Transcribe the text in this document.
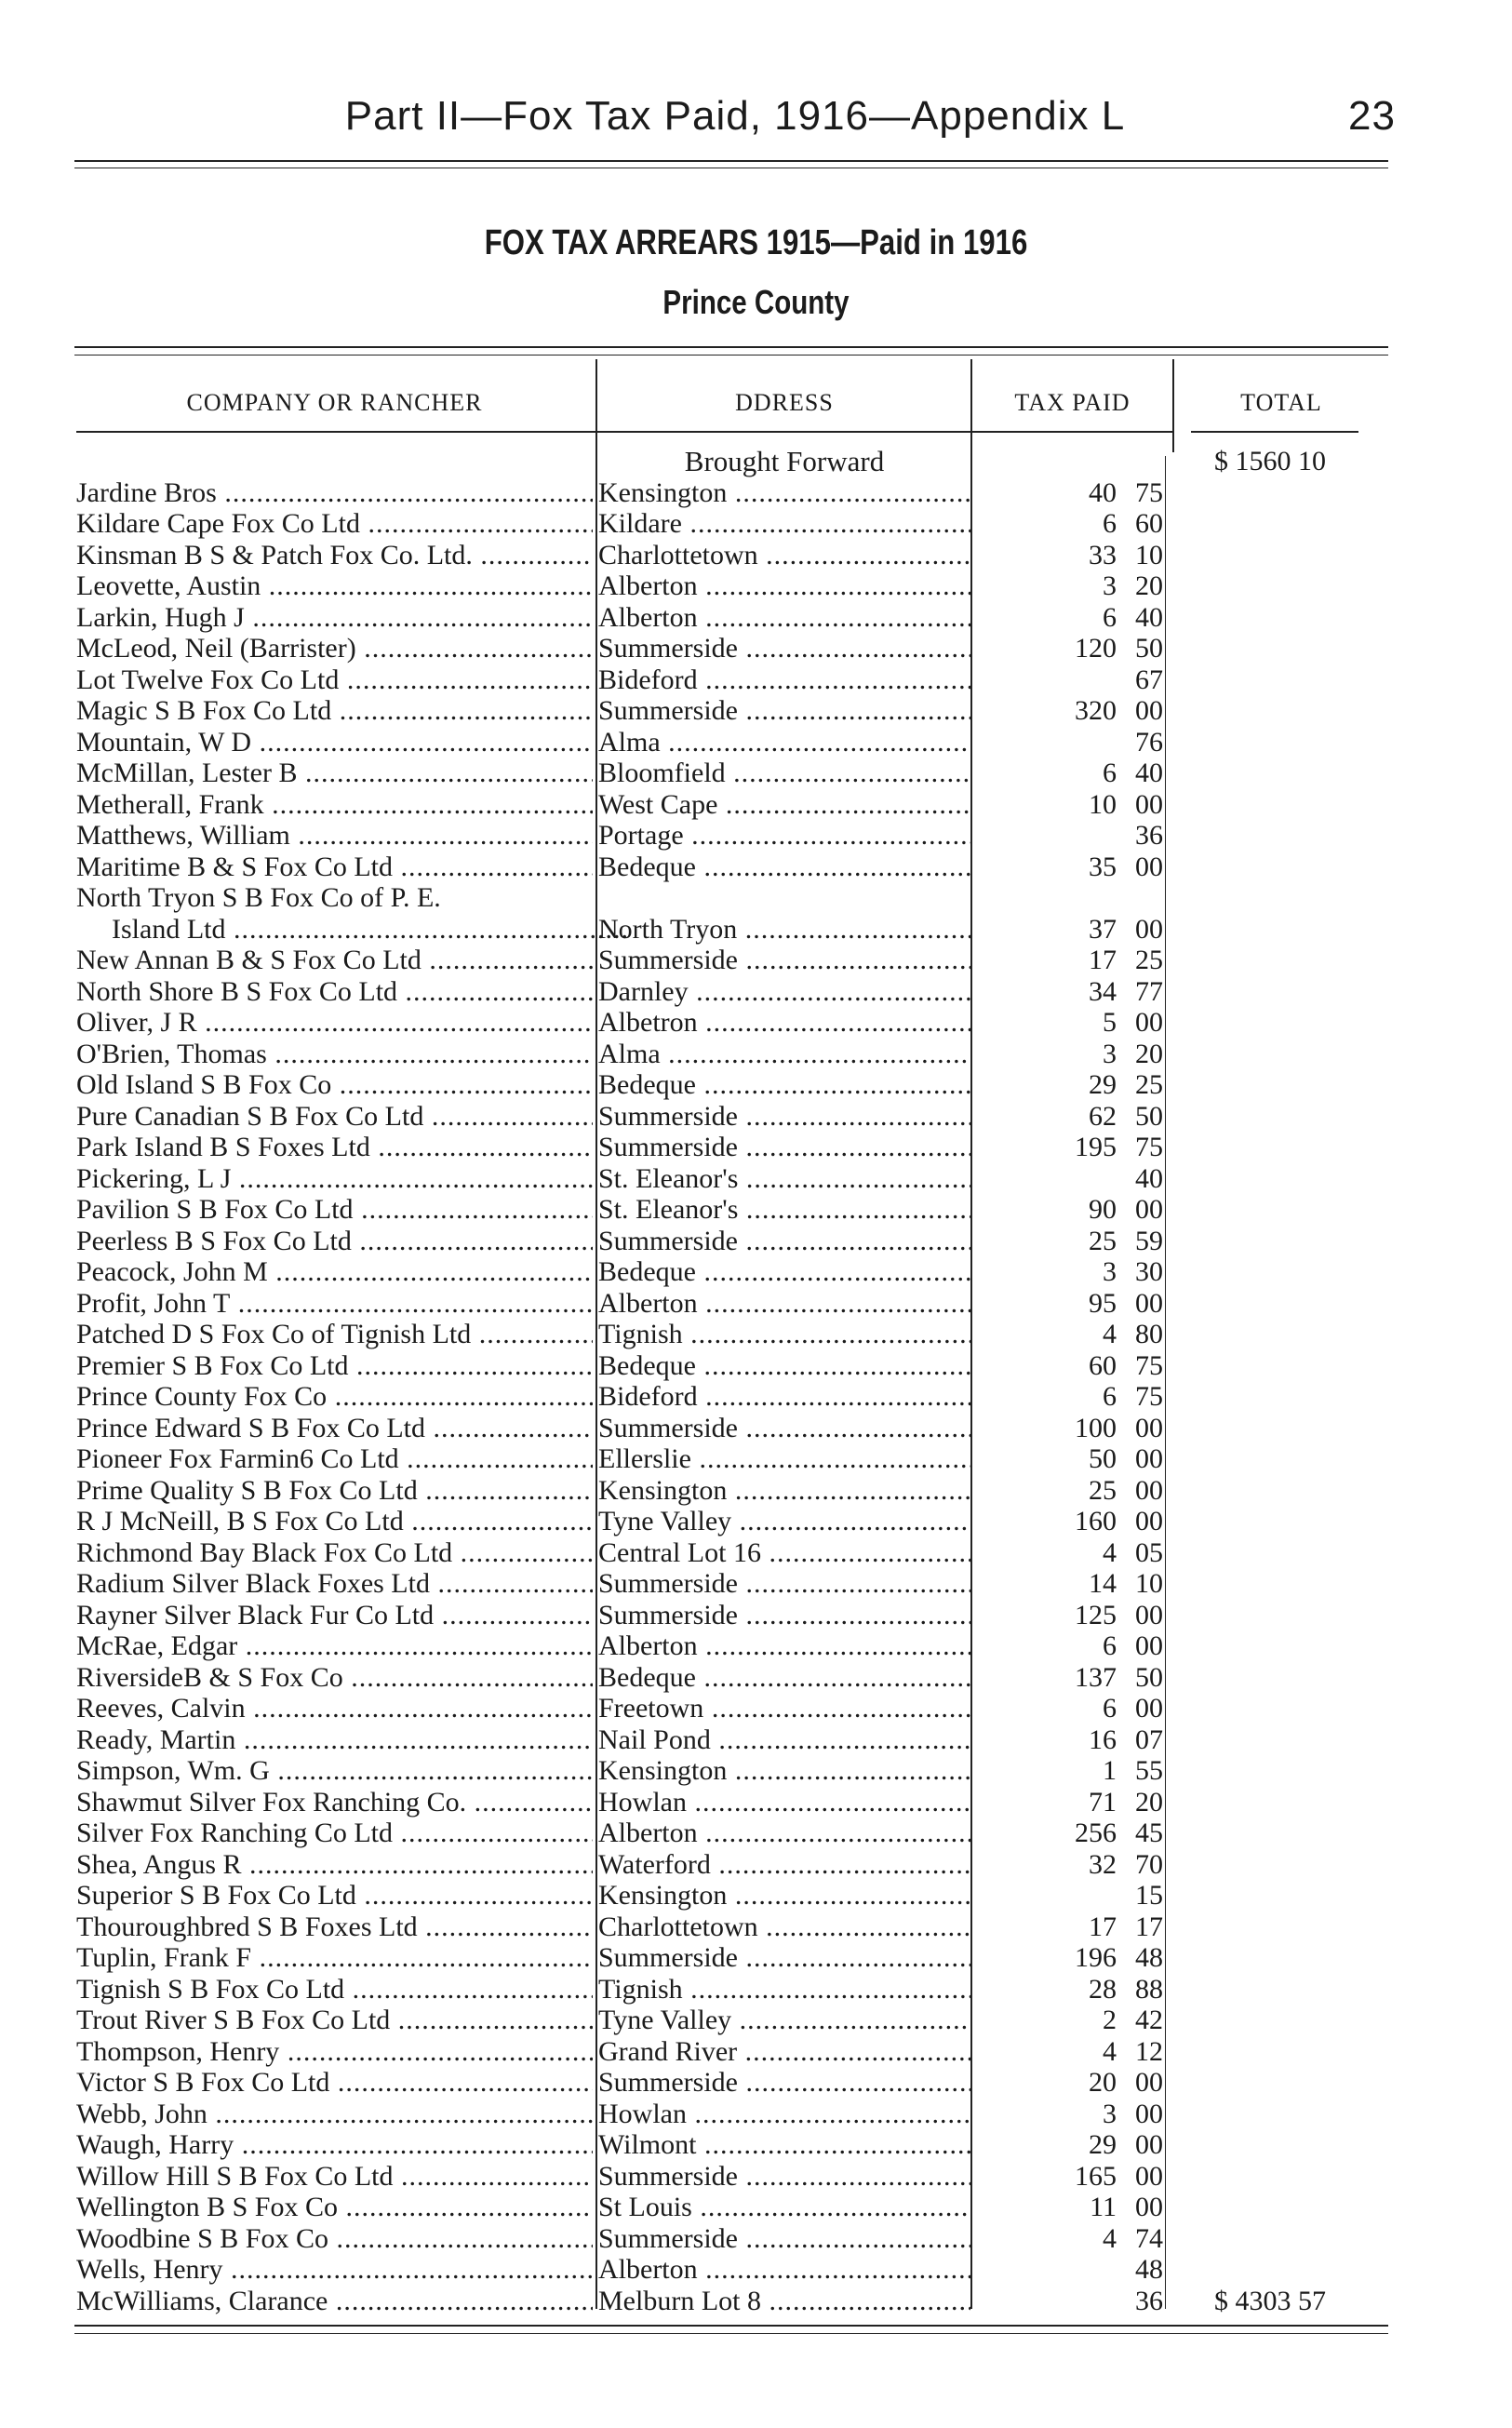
Part II—Fox Tax Paid, 1916—Appendix L	23
FOX TAX ARREARS 1915—Paid in 1916
Prince County
COMPANY OR RANCHER	DDRESS	TAX PAID	TOTAL
Brought Forward	$ 1560 10
Jardine Bros .....	Kensington .....	40 75
Kildare Cape Fox Co Ltd .....	Kildare .....	6 60
Kinsman B S & Patch Fox Co. Ltd. .....	Charlottetown .....	33 10
Leovette, Austin .....	Alberton .....	3 20
Larkin, Hugh J .....	Alberton .....	6 40
McLeod, Neil (Barrister) .....	Summerside .....	120 50
Lot Twelve Fox Co Ltd .....	Bideford .....	67
Magic S B Fox Co Ltd .....	Summerside .....	320 00
Mountain, W D .....	Alma .....	76
McMillan, Lester B .....	Bloomfield .....	6 40
Metherall, Frank .....	West Cape .....	10 00
Matthews, William .....	Portage .....	36
Maritime B & S Fox Co Ltd .....	Bedeque .....	35 00
North Tryon S B Fox Co of P. E.
Island Ltd .....	North Tryon .....	37 00
New Annan B & S Fox Co Ltd .....	Summerside .....	17 25
North Shore B S Fox Co Ltd .....	Darnley .....	34 77
Oliver, J R .....	Albetron .....	5 00
O'Brien, Thomas .....	Alma .....	3 20
Old Island S B Fox Co .....	Bedeque .....	29 25
Pure Canadian S B Fox Co Ltd .....	Summerside .....	62 50
Park Island B S Foxes Ltd .....	Summerside .....	195 75
Pickering, L J .....	St. Eleanor's .....	40
Pavilion S B Fox Co Ltd .....	St. Eleanor's .....	90 00
Peerless B S Fox Co Ltd .....	Summerside .....	25 59
Peacock, John M .....	Bedeque .....	3 30
Profit, John T .....	Alberton .....	95 00
Patched D S Fox Co of Tignish Ltd .....	Tignish .....	4 80
Premier S B Fox Co Ltd .....	Bedeque .....	60 75
Prince County Fox Co .....	Bideford .....	6 75
Prince Edward S B Fox Co Ltd .....	Summerside .....	100 00
Pioneer Fox Farmin6 Co Ltd .....	Ellerslie .....	50 00
Prime Quality S B Fox Co Ltd .....	Kensington .....	25 00
R J McNeill, B S Fox Co Ltd .....	Tyne Valley .....	160 00
Richmond Bay Black Fox Co Ltd .....	Central Lot 16 .....	4 05
Radium Silver Black Foxes Ltd .....	Summerside .....	14 10
Rayner Silver Black Fur Co Ltd .....	Summerside .....	125 00
McRae, Edgar .....	Alberton .....	6 00
RiversideB & S Fox Co .....	Bedeque .....	137 50
Reeves, Calvin .....	Freetown .....	6 00
Ready, Martin .....	Nail Pond .....	16 07
Simpson, Wm. G .....	Kensington .....	1 55
Shawmut Silver Fox Ranching Co. .....	Howlan .....	71 20
Silver Fox Ranching Co Ltd .....	Alberton .....	256 45
Shea, Angus R .....	Waterford .....	32 70
Superior S B Fox Co Ltd .....	Kensington .....	15
Thouroughbred S B Foxes Ltd .....	Charlottetown .....	17 17
Tuplin, Frank F .....	Summerside .....	196 48
Tignish S B Fox Co Ltd .....	Tignish .....	28 88
Trout River S B Fox Co Ltd .....	Tyne Valley .....	2 42
Thompson, Henry .....	Grand River .....	4 12
Victor S B Fox Co Ltd .....	Summerside .....	20 00
Webb, John .....	Howlan .....	3 00
Waugh, Harry .....	Wilmont .....	29 00
Willow Hill S B Fox Co Ltd .....	Summerside .....	165 00
Wellington B S Fox Co .....	St Louis .....	11 00
Woodbine S B Fox Co .....	Summerside .....	4 74
Wells, Henry .....	Alberton .....	48
McWilliams, Clarance .....	Melburn Lot 8 .....	36 $ 4303 57
